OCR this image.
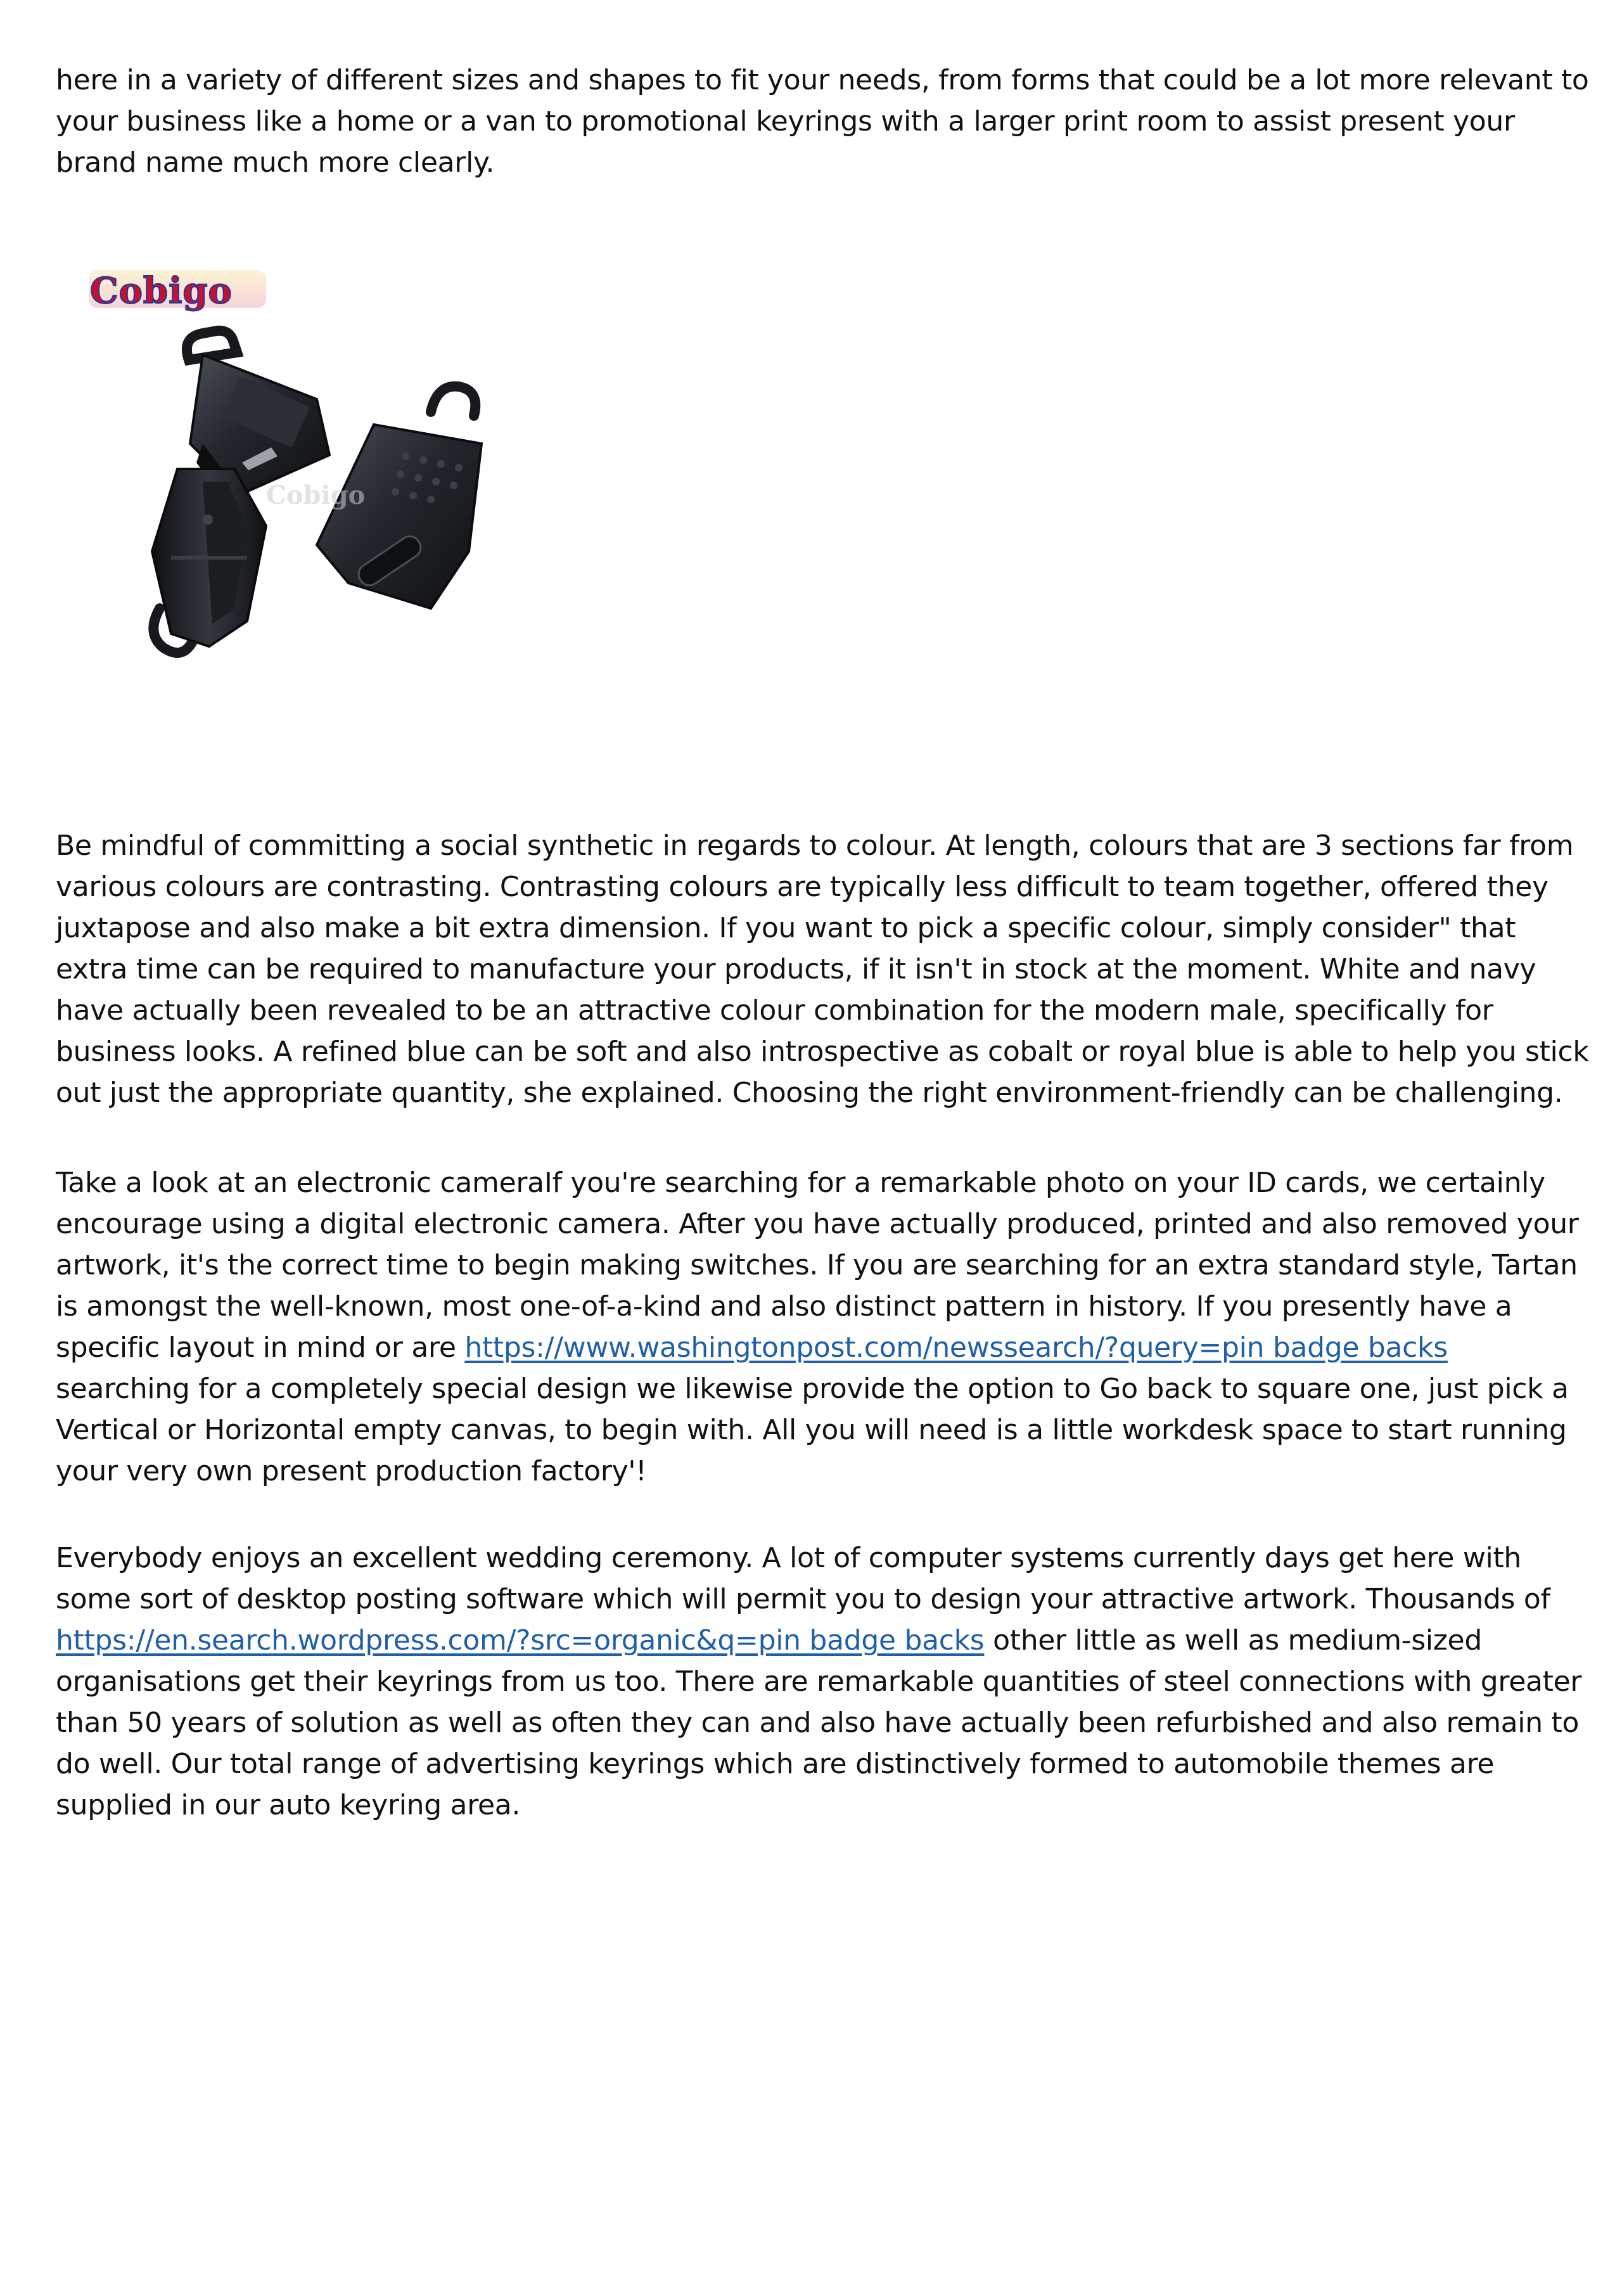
here in a variety of different sizes and shapes to fit your needs, from forms that could be a lot more relevant to your business like a home or a van to promotional keyrings with a larger print room to assist present your brand name much more clearly.

Cobigo
Cobigo

Be mindful of committing a social synthetic in regards to colour. At length, colours that are 3 sections far from various colours are contrasting. Contrasting colours are typically less difficult to team together, offered they juxtapose and also make a bit extra dimension. If you want to pick a specific colour, simply consider" that extra time can be required to manufacture your products, if it isn't in stock at the moment. White and navy have actually been revealed to be an attractive colour combination for the modern male, specifically for business looks. A refined blue can be soft and also introspective as cobalt or royal blue is able to help you stick out just the appropriate quantity, she explained. Choosing the right environment-friendly can be challenging.

Take a look at an electronic cameraIf you're searching for a remarkable photo on your ID cards, we certainly encourage using a digital electronic camera. After you have actually produced, printed and also removed your artwork, it's the correct time to begin making switches. If you are searching for an extra standard style, Tartan is amongst the well-known, most one-of-a-kind and also distinct pattern in history. If you presently have a specific layout in mind or are https://www.washingtonpost.com/newssearch/?query=pin badge backs searching for a completely special design we likewise provide the option to Go back to square one, just pick a Vertical or Horizontal empty canvas, to begin with. All you will need is a little workdesk space to start running your very own present production factory'!

Everybody enjoys an excellent wedding ceremony. A lot of computer systems currently days get here with some sort of desktop posting software which will permit you to design your attractive artwork. Thousands of https://en.search.wordpress.com/?src=organic&q=pin badge backs other little as well as medium-sized organisations get their keyrings from us too. There are remarkable quantities of steel connections with greater than 50 years of solution as well as often they can and also have actually been refurbished and also remain to do well. Our total range of advertising keyrings which are distinctively formed to automobile themes are supplied in our auto keyring area.
